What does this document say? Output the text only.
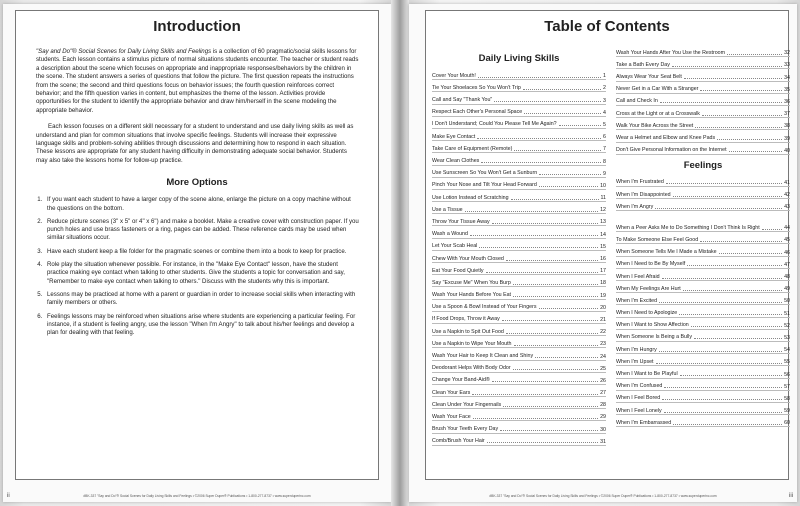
Introduction

"Say and Do"® Social Scenes for Daily Living Skills and Feelings is a collection of 60 pragmatic/social skills lessons for students. Each lesson contains a stimulus picture of normal situations students encounter. The teacher or student reads a description about the scene which focuses on appropriate and inappropriate responses/behaviors by the children in the scene. The student answers a series of questions that follow the picture. The first question repeats the instructions from the scene; the second and third questions focus on behavior issues; the fourth question reinforces correct behavior; and the fifth question varies in content, but emphasizes the theme of the lesson. Activities provide opportunities for the student to identify the appropriate behavior and draw him/herself in the scene modeling the appropriate behavior.

Each lesson focuses on a different skill necessary for a student to understand and use daily living skills as well as understand and plan for common situations that involve specific feelings. Students will increase their expressive language skills and problem-solving abilities through discussions and determining how to respond in each situation. These lessons are appropriate for any student having difficulty in demonstrating adequate social behavior. Students may also take the lessons home for follow-up practice.

More Options
1. If you want each student to have a larger copy of the scene alone, enlarge the picture on a copy machine without the questions on the bottom.
2. Reduce picture scenes (3" x 5" or 4" x 6") and make a booklet. Make a creative cover with construction paper. If you punch holes and use brass fasteners or a ring, pages can be added. These reference cards may be used when similar situations occur.
3. Have each student keep a file folder for the pragmatic scenes or combine them into a book to keep for practice.
4. Role play the situation whenever possible. For instance, in the "Make Eye Contact" lesson, have the student practice making eye contact when talking to other students. Give the students a topic for conversation and say, "Remember to make eye contact when talking to others." Discuss with the students why this is important.
5. Lessons may be practiced at home with a parent or guardian in order to increase social skills when interacting with family members or others.
6. Feelings lessons may be reinforced when situations arise where students are experiencing a particular feeling. For instance, if a student is feeling angry, use the lesson "When I'm Angry" to talk about his/her feelings and develop a plan for dealing with that feeling.
#BK-337 "Say and Do"® Social Scenes for Daily Living Skills and Feelings • ©2006 Super Duper® Publications • 1-800-277-8737 • www.superduperinc.com
ii
Table of Contents
Daily Living Skills
Cover Your Mouth!	1
Tie Your Shoelaces So You Won't Trip	2
Call and Say "Thank You"	3
Respect Each Other's Personal Space	4
I Don't Understand; Could You Please Tell Me Again?	5
Make Eye Contact	6
Take Care of Equipment (Remote)	7
Wear Clean Clothes	8
Use Sunscreen So You Won't Get a Sunburn	9
Pinch Your Nose and Tilt Your Head Forward	10
Use Lotion Instead of Scratching	11
Use a Tissue	12
Throw Your Tissue Away	13
Wash a Wound	14
Let Your Scab Heal	15
Chew With Your Mouth Closed	16
Eat Your Food Quietly	17
Say "Excuse Me" When You Burp	18
Wash Your Hands Before You Eat	19
Use a Spoon & Bowl Instead of Your Fingers	20
If Food Drops, Throw it Away	21
Use a Napkin to Spit Out Food	22
Use a Napkin to Wipe Your Mouth	23
Wash Your Hair to Keep It Clean and Shiny	24
Deodorant Helps With Body Odor	25
Change Your Band-Aid®	26
Clean Your Ears	27
Clean Under Your Fingernails	28
Wash Your Face	29
Brush Your Teeth Every Day	30
Comb/Brush Your Hair	31
Wash Your Hands After You Use the Restroom	32
Take a Bath Every Day	33
Always Wear Your Seat Belt	34
Never Get in a Car With a Stranger	35
Call and Check In	36
Cross at the Light or at a Crosswalk	37
Walk Your Bike Across the Street	38
Wear a Helmet and Elbow and Knee Pads	39
Don't Give Personal Information on the Internet	40
Feelings
When I'm Frustrated	41
When I'm Disappointed	42
When I'm Angry	43
When a Peer Asks Me to Do Something I Don't Think Is Right	44
To Make Someone Else Feel Good	45
When Someone Tells Me I Made a Mistake	46
When I Need to Be By Myself	47
When I Feel Afraid	48
When My Feelings Are Hurt	49
When I'm Excited	50
When I Need to Apologize	51
When I Want to Show Affection	52
When Someone Is Being a Bully	53
When I'm Hungry	54
When I'm Upset	55
When I Want to Be Playful	56
When I'm Confused	57
When I Feel Bored	58
When I Feel Lonely	59
When I'm Embarrassed	60
#BK-337 "Say and Do"® Social Scenes for Daily Living Skills and Feelings • ©2006 Super Duper® Publications • 1-800-277-8737 • www.superduperinc.com	iii
